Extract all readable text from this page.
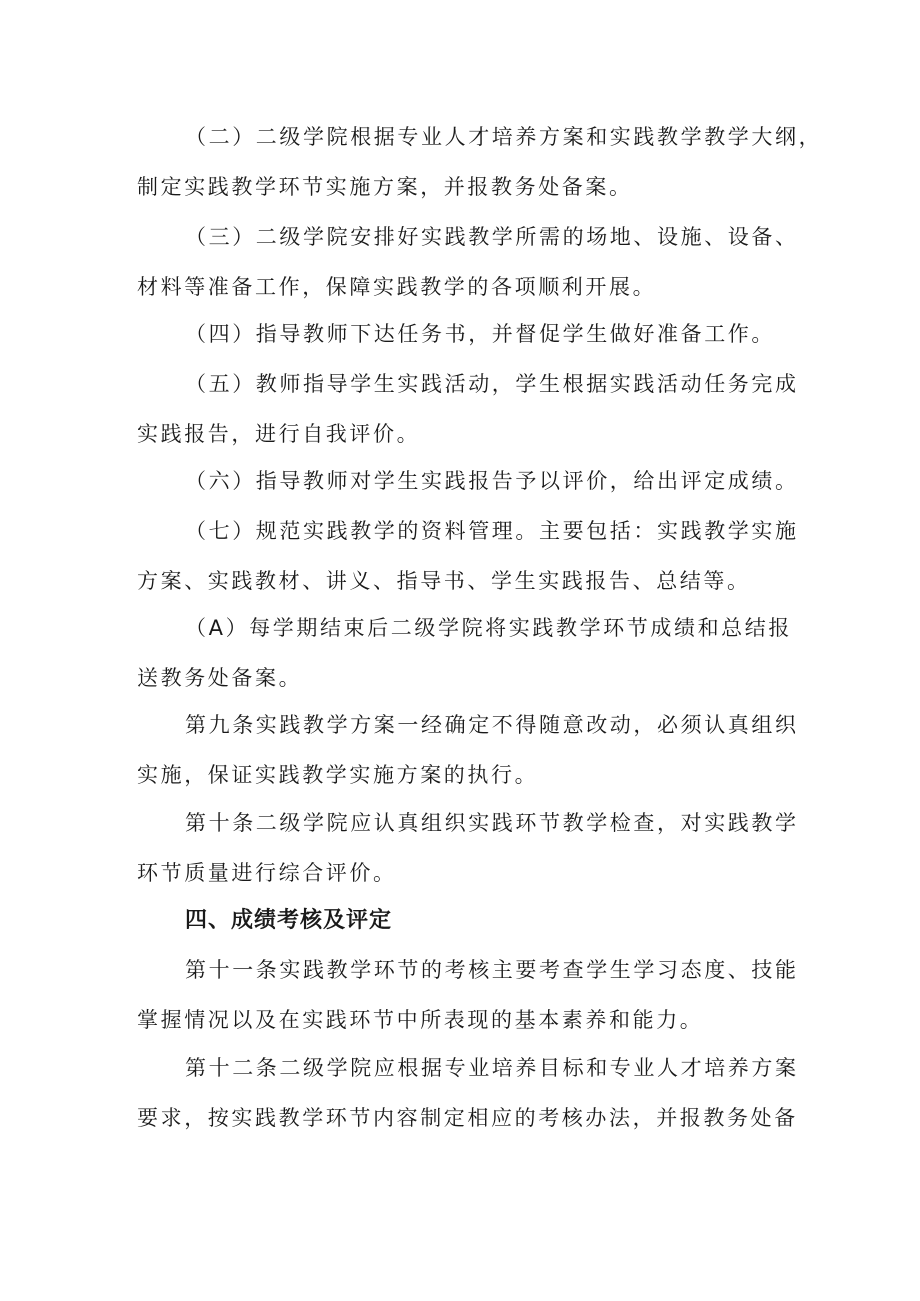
（二）二级学院根据专业人才培养方案和实践教学教学大纲，
制定实践教学环节实施方案，并报教务处备案。
（三）二级学院安排好实践教学所需的场地、设施、设备、
材料等准备工作，保障实践教学的各项顺利开展。
（四）指导教师下达任务书，并督促学生做好准备工作。
（五）教师指导学生实践活动，学生根据实践活动任务完成
实践报告，进行自我评价。
（六）指导教师对学生实践报告予以评价，给出评定成绩。
（七）规范实践教学的资料管理。主要包括：实践教学实施
方案、实践教材、讲义、指导书、学生实践报告、总结等。
（A）每学期结束后二级学院将实践教学环节成绩和总结报
送教务处备案。
第九条实践教学方案一经确定不得随意改动，必须认真组织
实施，保证实践教学实施方案的执行。
第十条二级学院应认真组织实践环节教学检查，对实践教学
环节质量进行综合评价。
四、成绩考核及评定
第十一条实践教学环节的考核主要考查学生学习态度、技能
掌握情况以及在实践环节中所表现的基本素养和能力。
第十二条二级学院应根据专业培养目标和专业人才培养方案
要求，按实践教学环节内容制定相应的考核办法，并报教务处备
